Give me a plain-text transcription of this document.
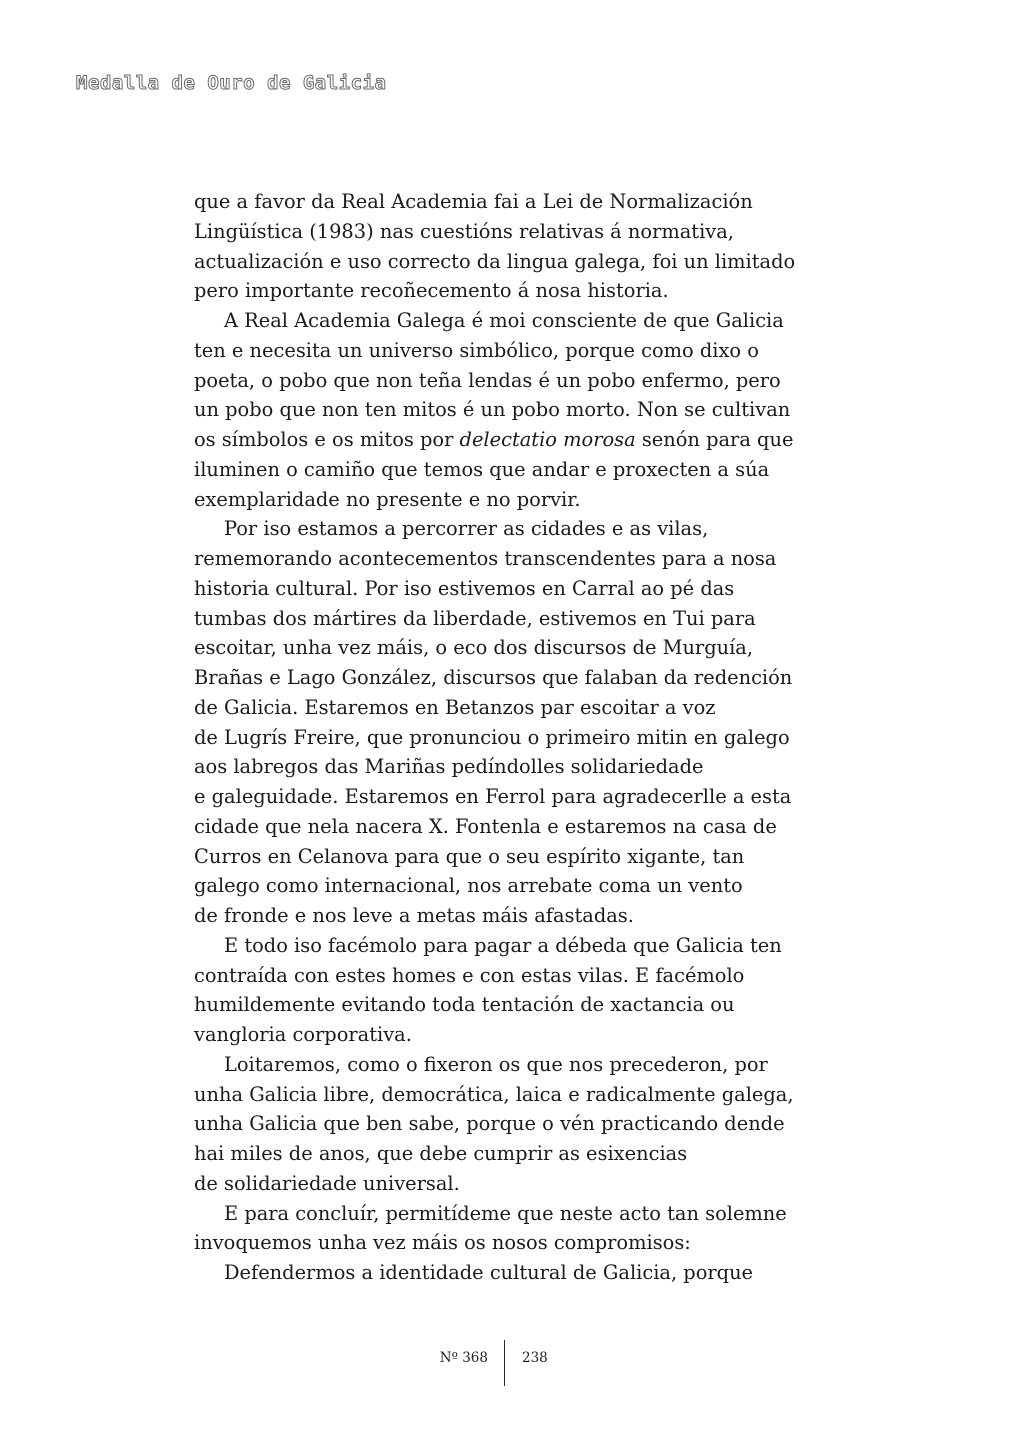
Medalla de Ouro de Galicia
que a favor da Real Academia fai a Lei de Normalización
Lingüística (1983) nas cuestións relativas á normativa,
actualización e uso correcto da lingua galega, foi un limitado
pero importante recoñecemento á nosa historia.
A Real Academia Galega é moi consciente de que Galicia
ten e necesita un universo simbólico, porque como dixo o
poeta, o pobo que non teña lendas é un pobo enfermo, pero
un pobo que non ten mitos é un pobo morto. Non se cultivan
os símbolos e os mitos por delectatio morosa senón para que
iluminen o camiño que temos que andar e proxecten a súa
exemplaridade no presente e no porvir.
Por iso estamos a percorrer as cidades e as vilas,
rememorando acontecementos transcendentes para a nosa
historia cultural. Por iso estivemos en Carral ao pé das
tumbas dos mártires da liberdade, estivemos en Tui para
escoitar, unha vez máis, o eco dos discursos de Murguía,
Brañas e Lago González, discursos que falaban da redención
de Galicia. Estaremos en Betanzos par escoitar a voz
de Lugrís Freire, que pronunciou o primeiro mitin en galego
aos labregos das Mariñas pedíndolles solidariedade
e galeguidade. Estaremos en Ferrol para agradecerlle a esta
cidade que nela nacera X. Fontenla e estaremos na casa de
Curros en Celanova para que o seu espírito xigante, tan
galego como internacional, nos arrebate coma un vento
de fronde e nos leve a metas máis afastadas.
E todo iso facémolo para pagar a débeda que Galicia ten
contraída con estes homes e con estas vilas. E facémolo
humildemente evitando toda tentación de xactancia ou
vangloria corporativa.
Loitaremos, como o fixeron os que nos precederon, por
unha Galicia libre, democrática, laica e radicalmente galega,
unha Galicia que ben sabe, porque o vén practicando dende
hai miles de anos, que debe cumprir as esixencias
de solidariedade universal.
E para concluír, permitídeme que neste acto tan solemne
invoquemos unha vez máis os nosos compromisos:
Defendermos a identidade cultural de Galicia, porque
Nº 368	238
